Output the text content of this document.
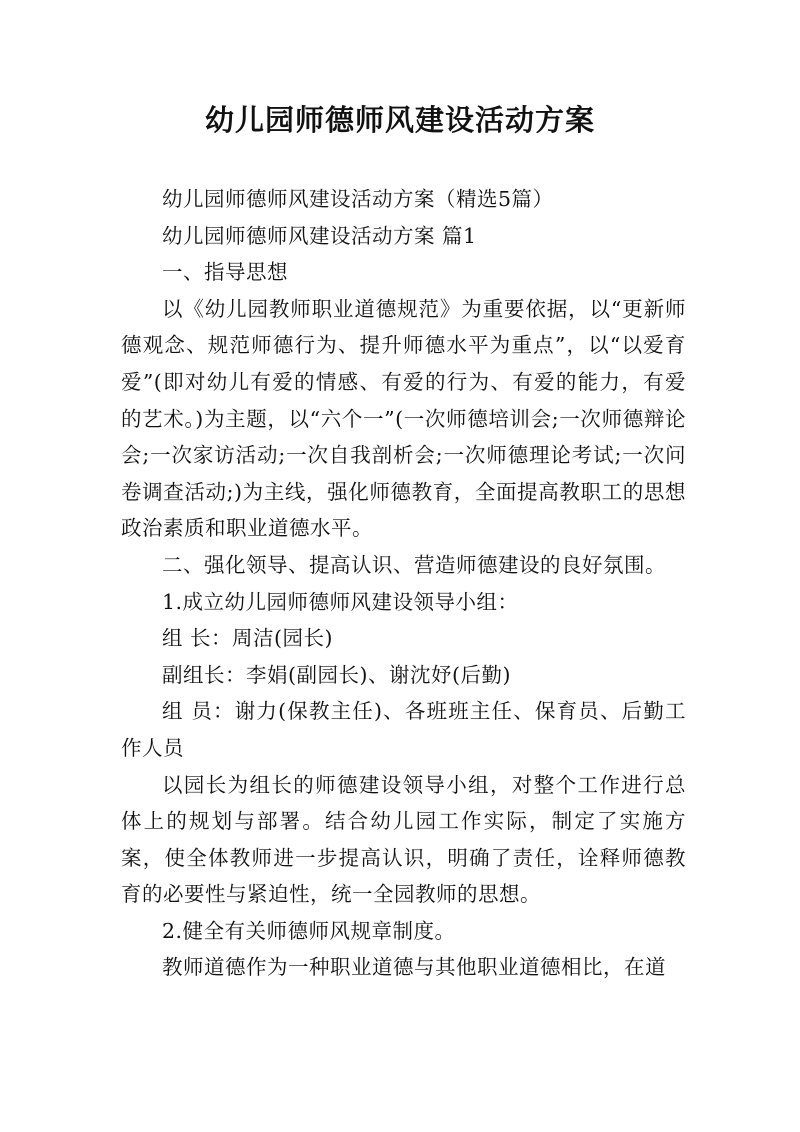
幼儿园师德师风建设活动方案

幼儿园师德师风建设活动方案（精选5篇）

幼儿园师德师风建设活动方案 篇1

一、指导思想

以《幼儿园教师职业道德规范》为重要依据，以“更新师德观念、规范师德行为、提升师德水平为重点”，以“以爱育爱”(即对幼儿有爱的情感、有爱的行为、有爱的能力，有爱的艺术。)为主题，以“六个一”(一次师德培训会;一次师德辩论会;一次家访活动;一次自我剖析会;一次师德理论考试;一次问卷调查活动;)为主线，强化师德教育，全面提高教职工的思想政治素质和职业道德水平。

二、强化领导、提高认识、营造师德建设的良好氛围。

1.成立幼儿园师德师风建设领导小组：

组 长：周洁(园长)

副组长：李娟(副园长)、谢沈妤(后勤)

组 员：谢力(保教主任)、各班班主任、保育员、后勤工作人员

以园长为组长的师德建设领导小组，对整个工作进行总体上的规划与部署。结合幼儿园工作实际，制定了实施方案，使全体教师进一步提高认识，明确了责任，诠释师德教育的必要性与紧迫性，统一全园教师的思想。

2.健全有关师德师风规章制度。

教师道德作为一种职业道德与其他职业道德相比，在道
